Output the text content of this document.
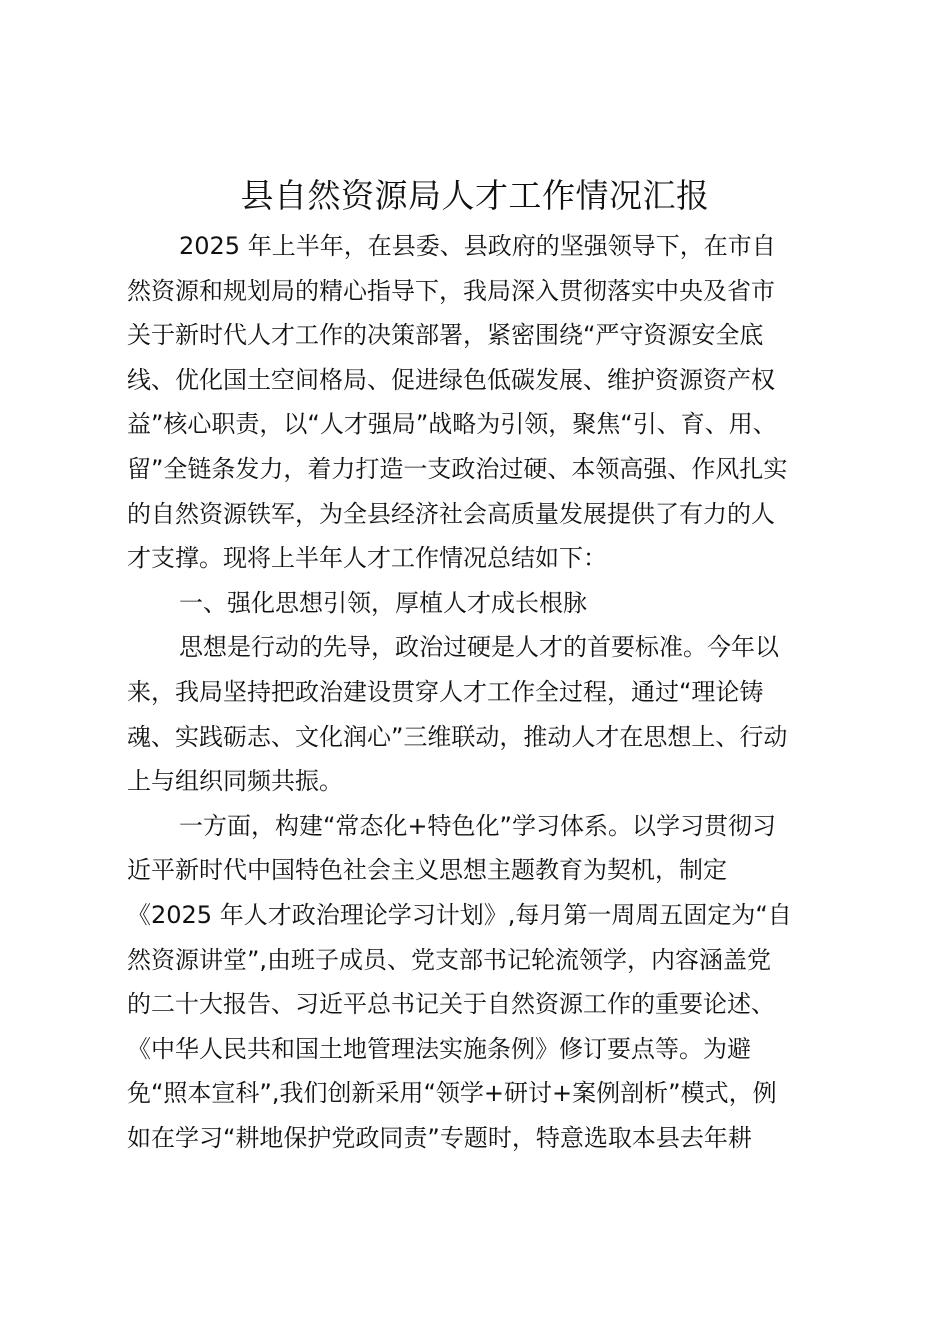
县自然资源局人才工作情况汇报

2025 年上半年，在县委、县政府的坚强领导下，在市自

然资源和规划局的精心指导下，我局深入贯彻落实中央及省市

关于新时代人才工作的决策部署，紧密围绕“严守资源安全底

线、优化国土空间格局、促进绿色低碳发展、维护资源资产权

益”核心职责，以“人才强局”战略为引领，聚焦“引、育、用、

留”全链条发力，着力打造一支政治过硬、本领高强、作风扎实

的自然资源铁军，为全县经济社会高质量发展提供了有力的人

才支撑。现将上半年人才工作情况总结如下：

一、强化思想引领，厚植人才成长根脉

思想是行动的先导，政治过硬是人才的首要标准。今年以

来，我局坚持把政治建设贯穿人才工作全过程，通过“理论铸

魂、实践砺志、文化润心”三维联动，推动人才在思想上、行动

上与组织同频共振。

一方面，构建“常态化+特色化”学习体系。以学习贯彻习

近平新时代中国特色社会主义思想主题教育为契机，制定

《2025 年人才政治理论学习计划》,每月第一周周五固定为“自

然资源讲堂”,由班子成员、党支部书记轮流领学，内容涵盖党

的二十大报告、习近平总书记关于自然资源工作的重要论述、

《中华人民共和国土地管理法实施条例》修订要点等。为避

免“照本宣科”,我们创新采用“领学+研讨+案例剖析”模式，例

如在学习“耕地保护党政同责”专题时，特意选取本县去年耕
